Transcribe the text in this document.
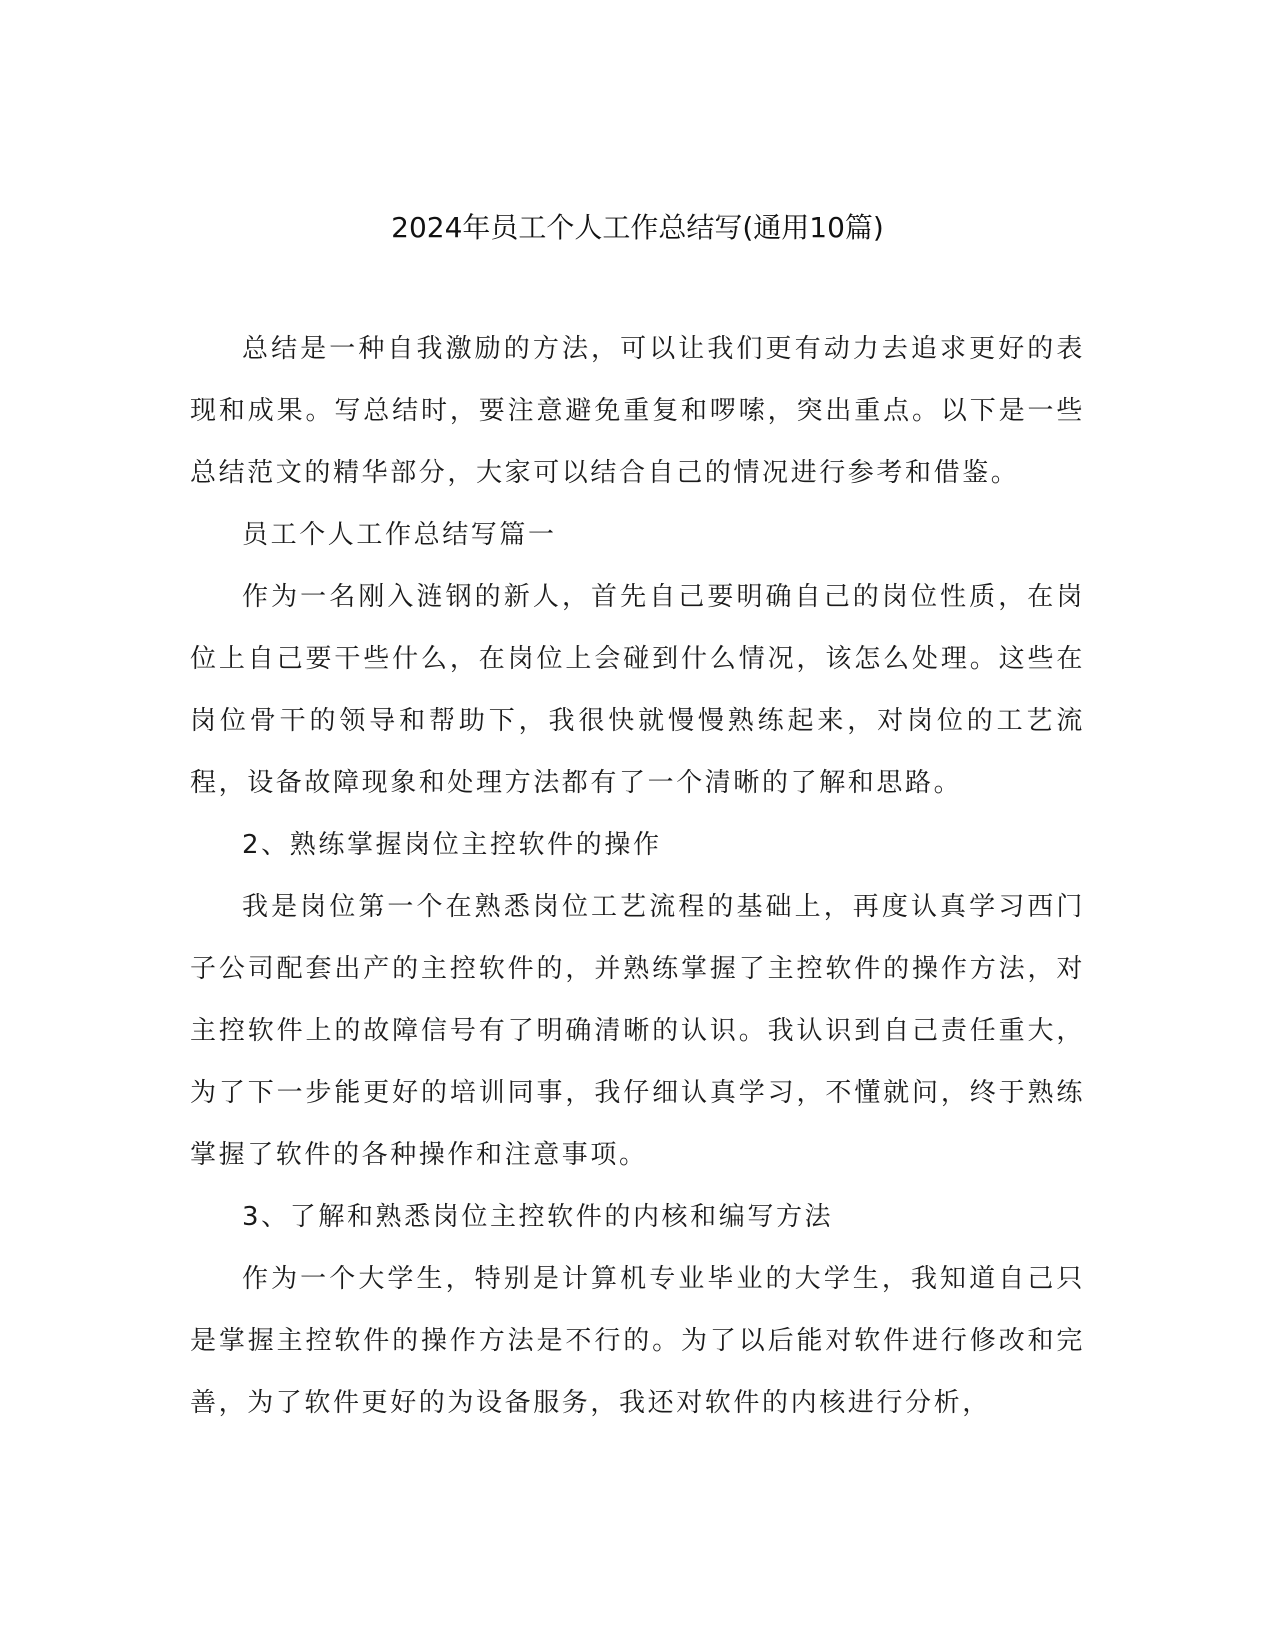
2024年员工个人工作总结写(通用10篇)

总结是一种自我激励的方法，可以让我们更有动力去追求更好的表现和成果。写总结时，要注意避免重复和啰嗦，突出重点。以下是一些总结范文的精华部分，大家可以结合自己的情况进行参考和借鉴。

员工个人工作总结写篇一

作为一名刚入涟钢的新人，首先自己要明确自己的岗位性质，在岗位上自己要干些什么，在岗位上会碰到什么情况，该怎么处理。这些在岗位骨干的领导和帮助下，我很快就慢慢熟练起来，对岗位的工艺流程，设备故障现象和处理方法都有了一个清晰的了解和思路。

2、熟练掌握岗位主控软件的操作

我是岗位第一个在熟悉岗位工艺流程的基础上，再度认真学习西门子公司配套出产的主控软件的，并熟练掌握了主控软件的操作方法，对主控软件上的故障信号有了明确清晰的认识。我认识到自己责任重大，为了下一步能更好的培训同事，我仔细认真学习，不懂就问，终于熟练掌握了软件的各种操作和注意事项。

3、了解和熟悉岗位主控软件的内核和编写方法

作为一个大学生，特别是计算机专业毕业的大学生，我知道自己只是掌握主控软件的操作方法是不行的。为了以后能对软件进行修改和完善，为了软件更好的为设备服务，我还对软件的内核进行分析，
